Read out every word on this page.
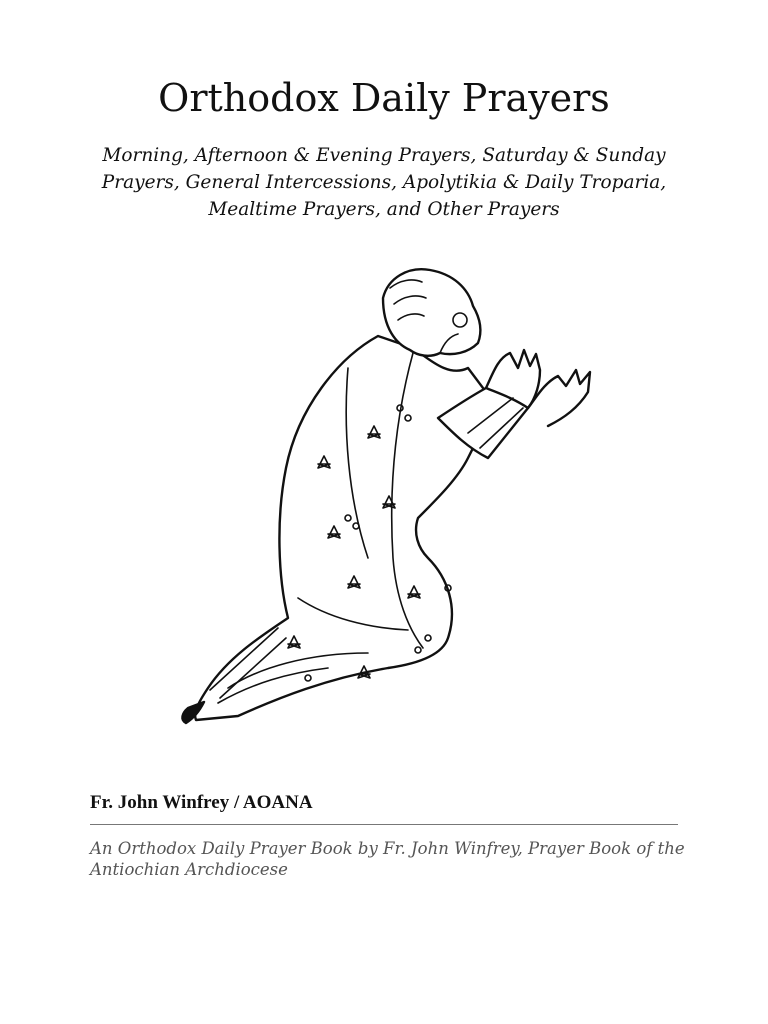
Orthodox Daily Prayers

Morning, Afternoon & Evening Prayers, Saturday & Sunday Prayers, General Intercessions, Apolytikia & Daily Troparia, Mealtime Prayers, and Other Prayers

Fr. John Winfrey / AOANA

An Orthodox Daily Prayer Book by Fr. John Winfrey, Prayer Book of the Antiochian Archdiocese
